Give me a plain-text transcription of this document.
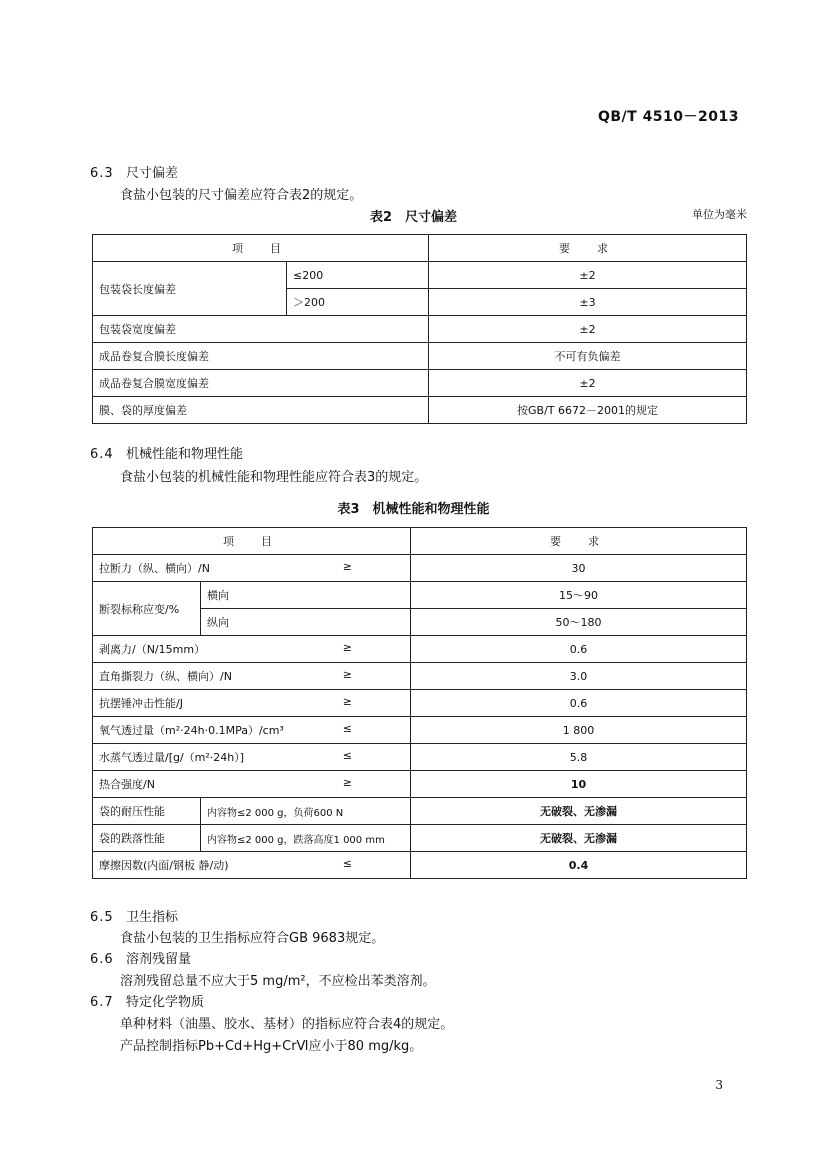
QB/T 4510－2013
6.3 尺寸偏差
食盐小包装的尺寸偏差应符合表2的规定。
表2　尺寸偏差	单位为毫米
项　目		要　求
包装袋长度偏差	≤200	±2
	＞200	±3
包装袋宽度偏差		±2
成品卷复合膜长度偏差		不可有负偏差
成品卷复合膜宽度偏差		±2
膜、袋的厚度偏差		按GB/T 6672－2001的规定
6.4 机械性能和物理性能
食盐小包装的机械性能和物理性能应符合表3的规定。
表3　机械性能和物理性能
项　目		要　求
拉断力（纵、横向）/N ≥		30
断裂标称应变/%	横向	15～90
	纵向	50～180
剥离力/（N/15mm） ≥		0.6
直角撕裂力（纵、横向）/N ≥		3.0
抗摆锤冲击性能/J ≥		0.6
氧气透过量（m²·24h·0.1MPa）/cm³ ≤		1 800
水蒸气透过量/[g/（m²·24h）] ≤		5.8
热合强度/N ≥		10
袋的耐压性能	内容物≤2 000 g，负荷600 N	无破裂、无渗漏
袋的跌落性能	内容物≤2 000 g，跌落高度1 000 mm	无破裂、无渗漏
摩擦因数(内面/钢板 静/动) ≤		0.4
6.5 卫生指标
食盐小包装的卫生指标应符合GB 9683规定。
6.6 溶剂残留量
溶剂残留总量不应大于5 mg/m²，不应检出苯类溶剂。
6.7 特定化学物质
单种材料（油墨、胶水、基材）的指标应符合表4的规定。
产品控制指标Pb+Cd+Hg+CrⅥ应小于80 mg/kg。
3
